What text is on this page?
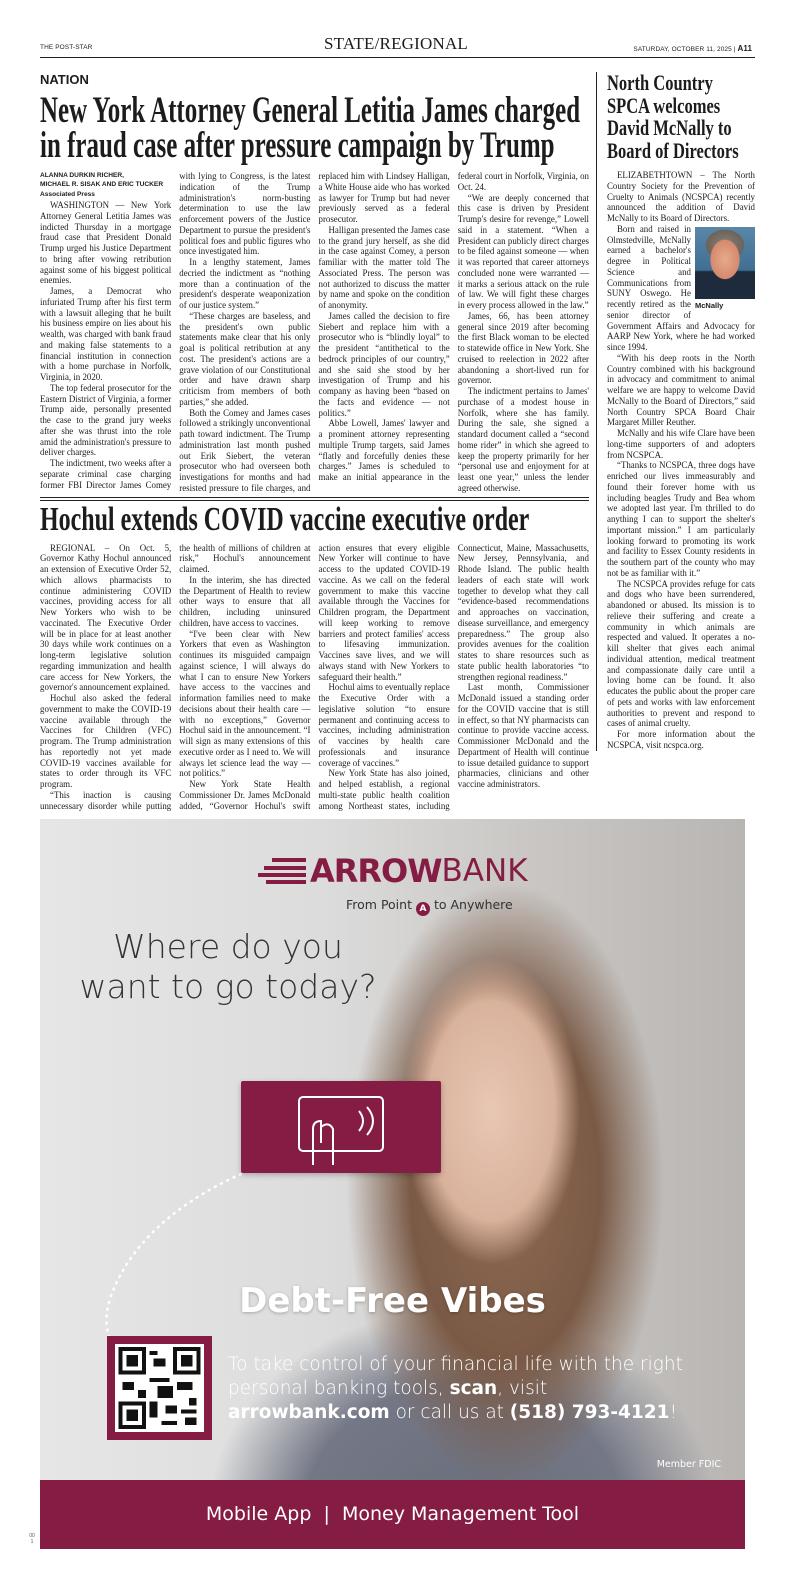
THE POST-STAR	STATE/REGIONAL	SATURDAY, OCTOBER 11, 2025 | A11
NATION
New York Attorney General Letitia James charged
in fraud case after pressure campaign by Trump
ALANNA DURKIN RICHER,
MICHAEL R. SISAK AND ERIC TUCKER
Associated Press

WASHINGTON — New York Attorney General Letitia James was indicted Thursday in a mortgage fraud case that President Donald Trump urged his Justice Department to bring after vowing retribution against some of his biggest political enemies.

James, a Democrat who infuriated Trump after his first term with a lawsuit alleging that he built his business empire on lies about his wealth, was charged with bank fraud and making false statements to a financial institution in connection with a home purchase in Norfolk, Virginia, in 2020.

The top federal prosecutor for the Eastern District of Virginia, a former Trump aide, personally presented the case to the grand jury weeks after she was thrust into the role amid the administration's pressure to deliver charges.

The indictment, two weeks after a separate criminal case charging former FBI Director James Comey with lying to Congress, is the latest indication of the Trump administration's norm-busting determination to use the law enforcement powers of the Justice Department to pursue the president's political foes and public figures who once investigated him.

In a lengthy statement, James decried the indictment as “nothing more than a continuation of the president's desperate weaponization of our justice system.”

“These charges are baseless, and the president's own public statements make clear that his only goal is political retribution at any cost. The president's actions are a grave violation of our Constitutional order and have drawn sharp criticism from members of both parties,” she added.

Both the Comey and James cases followed a strikingly unconventional path toward indictment. The Trump administration last month pushed out Erik Siebert, the veteran prosecutor who had overseen both investigations for months and had resisted pressure to file charges, and replaced him with Lindsey Halligan, a White House aide who has worked as lawyer for Trump but had never previously served as a federal prosecutor.

Halligan presented the James case to the grand jury herself, as she did in the case against Comey, a person familiar with the matter told The Associated Press. The person was not authorized to discuss the matter by name and spoke on the condition of anonymity.

James called the decision to fire Siebert and replace him with a prosecutor who is “blindly loyal” to the president “antithetical to the bedrock principles of our country,” and she said she stood by her investigation of Trump and his company as having been “based on the facts and evidence — not politics.”

Abbe Lowell, James' lawyer and a prominent attorney representing multiple Trump targets, said James “flatly and forcefully denies these charges.” James is scheduled to make an initial appearance in the federal court in Norfolk, Virginia, on Oct. 24.

“We are deeply concerned that this case is driven by President Trump's desire for revenge,” Lowell said in a statement. “When a President can publicly direct charges to be filed against someone — when it was reported that career attorneys concluded none were warranted — it marks a serious attack on the rule of law. We will fight these charges in every process allowed in the law.”

James, 66, has been attorney general since 2019 after becoming the first Black woman to be elected to statewide office in New York. She cruised to reelection in 2022 after abandoning a short-lived run for governor.

The indictment pertains to James' purchase of a modest house in Norfolk, where she has family. During the sale, she signed a standard document called a “second home rider” in which she agreed to keep the property primarily for her “personal use and enjoyment for at least one year,” unless the lender agreed otherwise.

Hochul extends COVID vaccine executive order

REGIONAL – On Oct. 5, Governor Kathy Hochul announced an extension of Executive Order 52, which allows pharmacists to continue administering COVID vaccines, providing access for all New Yorkers who wish to be vaccinated. The Executive Order will be in place for at least another 30 days while work continues on a long-term legislative solution regarding immunization and health care access for New Yorkers, the governor's announcement explained.

Hochul also asked the federal government to make the COVID-19 vaccine available through the Vaccines for Children (VFC) program. The Trump administration has reportedly not yet made COVID-19 vaccines available for states to order through its VFC program.

“This inaction is causing unnecessary disorder while putting the health of millions of children at risk,” Hochul's announcement claimed.

In the interim, she has directed the Department of Health to review other ways to ensure that all children, including uninsured children, have access to vaccines.

“I've been clear with New Yorkers that even as Washington continues its misguided campaign against science, I will always do what I can to ensure New Yorkers have access to the vaccines and information families need to make decisions about their health care — with no exceptions,” Governor Hochul said in the announcement. “I will sign as many extensions of this executive order as I need to. We will always let science lead the way — not politics.”

New York State Health Commissioner Dr. James McDonald added, “Governor Hochul's swift action ensures that every eligible New Yorker will continue to have access to the updated COVID-19 vaccine. As we call on the federal government to make this vaccine available through the Vaccines for Children program, the Department will keep working to remove barriers and protect families' access to lifesaving immunization. Vaccines save lives, and we will always stand with New Yorkers to safeguard their health.”

Hochul aims to eventually replace the Executive Order with a legislative solution “to ensure permanent and continuing access to vaccines, including administration of vaccines by health care professionals and insurance coverage of vaccines.”

New York State has also joined, and helped establish, a regional multi-state public health coalition among Northeast states, including Connecticut, Maine, Massachusetts, New Jersey, Pennsylvania, and Rhode Island. The public health leaders of each state will work together to develop what they call “evidence-based recommendations and approaches on vaccination, disease surveillance, and emergency preparedness.” The group also provides avenues for the coalition states to share resources such as state public health laboratories “to strengthen regional readiness.”

Last month, Commissioner McDonald issued a standing order for the COVID vaccine that is still in effect, so that NY pharmacists can continue to provide vaccine access. Commissioner McDonald and the Department of Health will continue to issue detailed guidance to support pharmacies, clinicians and other vaccine administrators.

North Country
SPCA welcomes
David McNally to
Board of Directors

ELIZABETHTOWN – The North Country Society for the Prevention of Cruelty to Animals (NCSPCA) recently announced the addition of David McNally to its Board of Directors.

McNally
Born and raised in Olmstedville, McNally earned a bachelor's degree in Political Science and Communications from SUNY Oswego. He recently retired as the senior director of Government Affairs and Advocacy for AARP New York, where he had worked since 1994.

“With his deep roots in the North Country combined with his background in advocacy and commitment to animal welfare we are happy to welcome David McNally to the Board of Directors,” said North Country SPCA Board Chair Margaret Miller Reuther.

McNally and his wife Clare have been long-time supporters of and adopters from NCSPCA.

“Thanks to NCSPCA, three dogs have enriched our lives immeasurably and found their forever home with us including beagles Trudy and Bea whom we adopted last year. I'm thrilled to do anything I can to support the shelter's important mission.” I am particularly looking forward to promoting its work and facility to Essex County residents in the southern part of the county who may not be as familiar with it.”

The NCSPCA provides refuge for cats and dogs who have been surrendered, abandoned or abused. Its mission is to relieve their suffering and create a community in which animals are respected and valued. It operates a no-kill shelter that gives each animal individual attention, medical treatment and compassionate daily care until a loving home can be found. It also educates the public about the proper care of pets and works with law enforcement authorities to prevent and respond to cases of animal cruelty.

For more information about the NCSPCA, visit ncspca.org.

ARROW BANK
From Point A to Anywhere
Where do you
want to go today?
Debt-Free Vibes
To take control of your financial life with the right personal banking tools, scan, visit arrowbank.com or call us at (518) 793-4121!
Member FDIC
Mobile App  |  Money Management Tool
00
1
